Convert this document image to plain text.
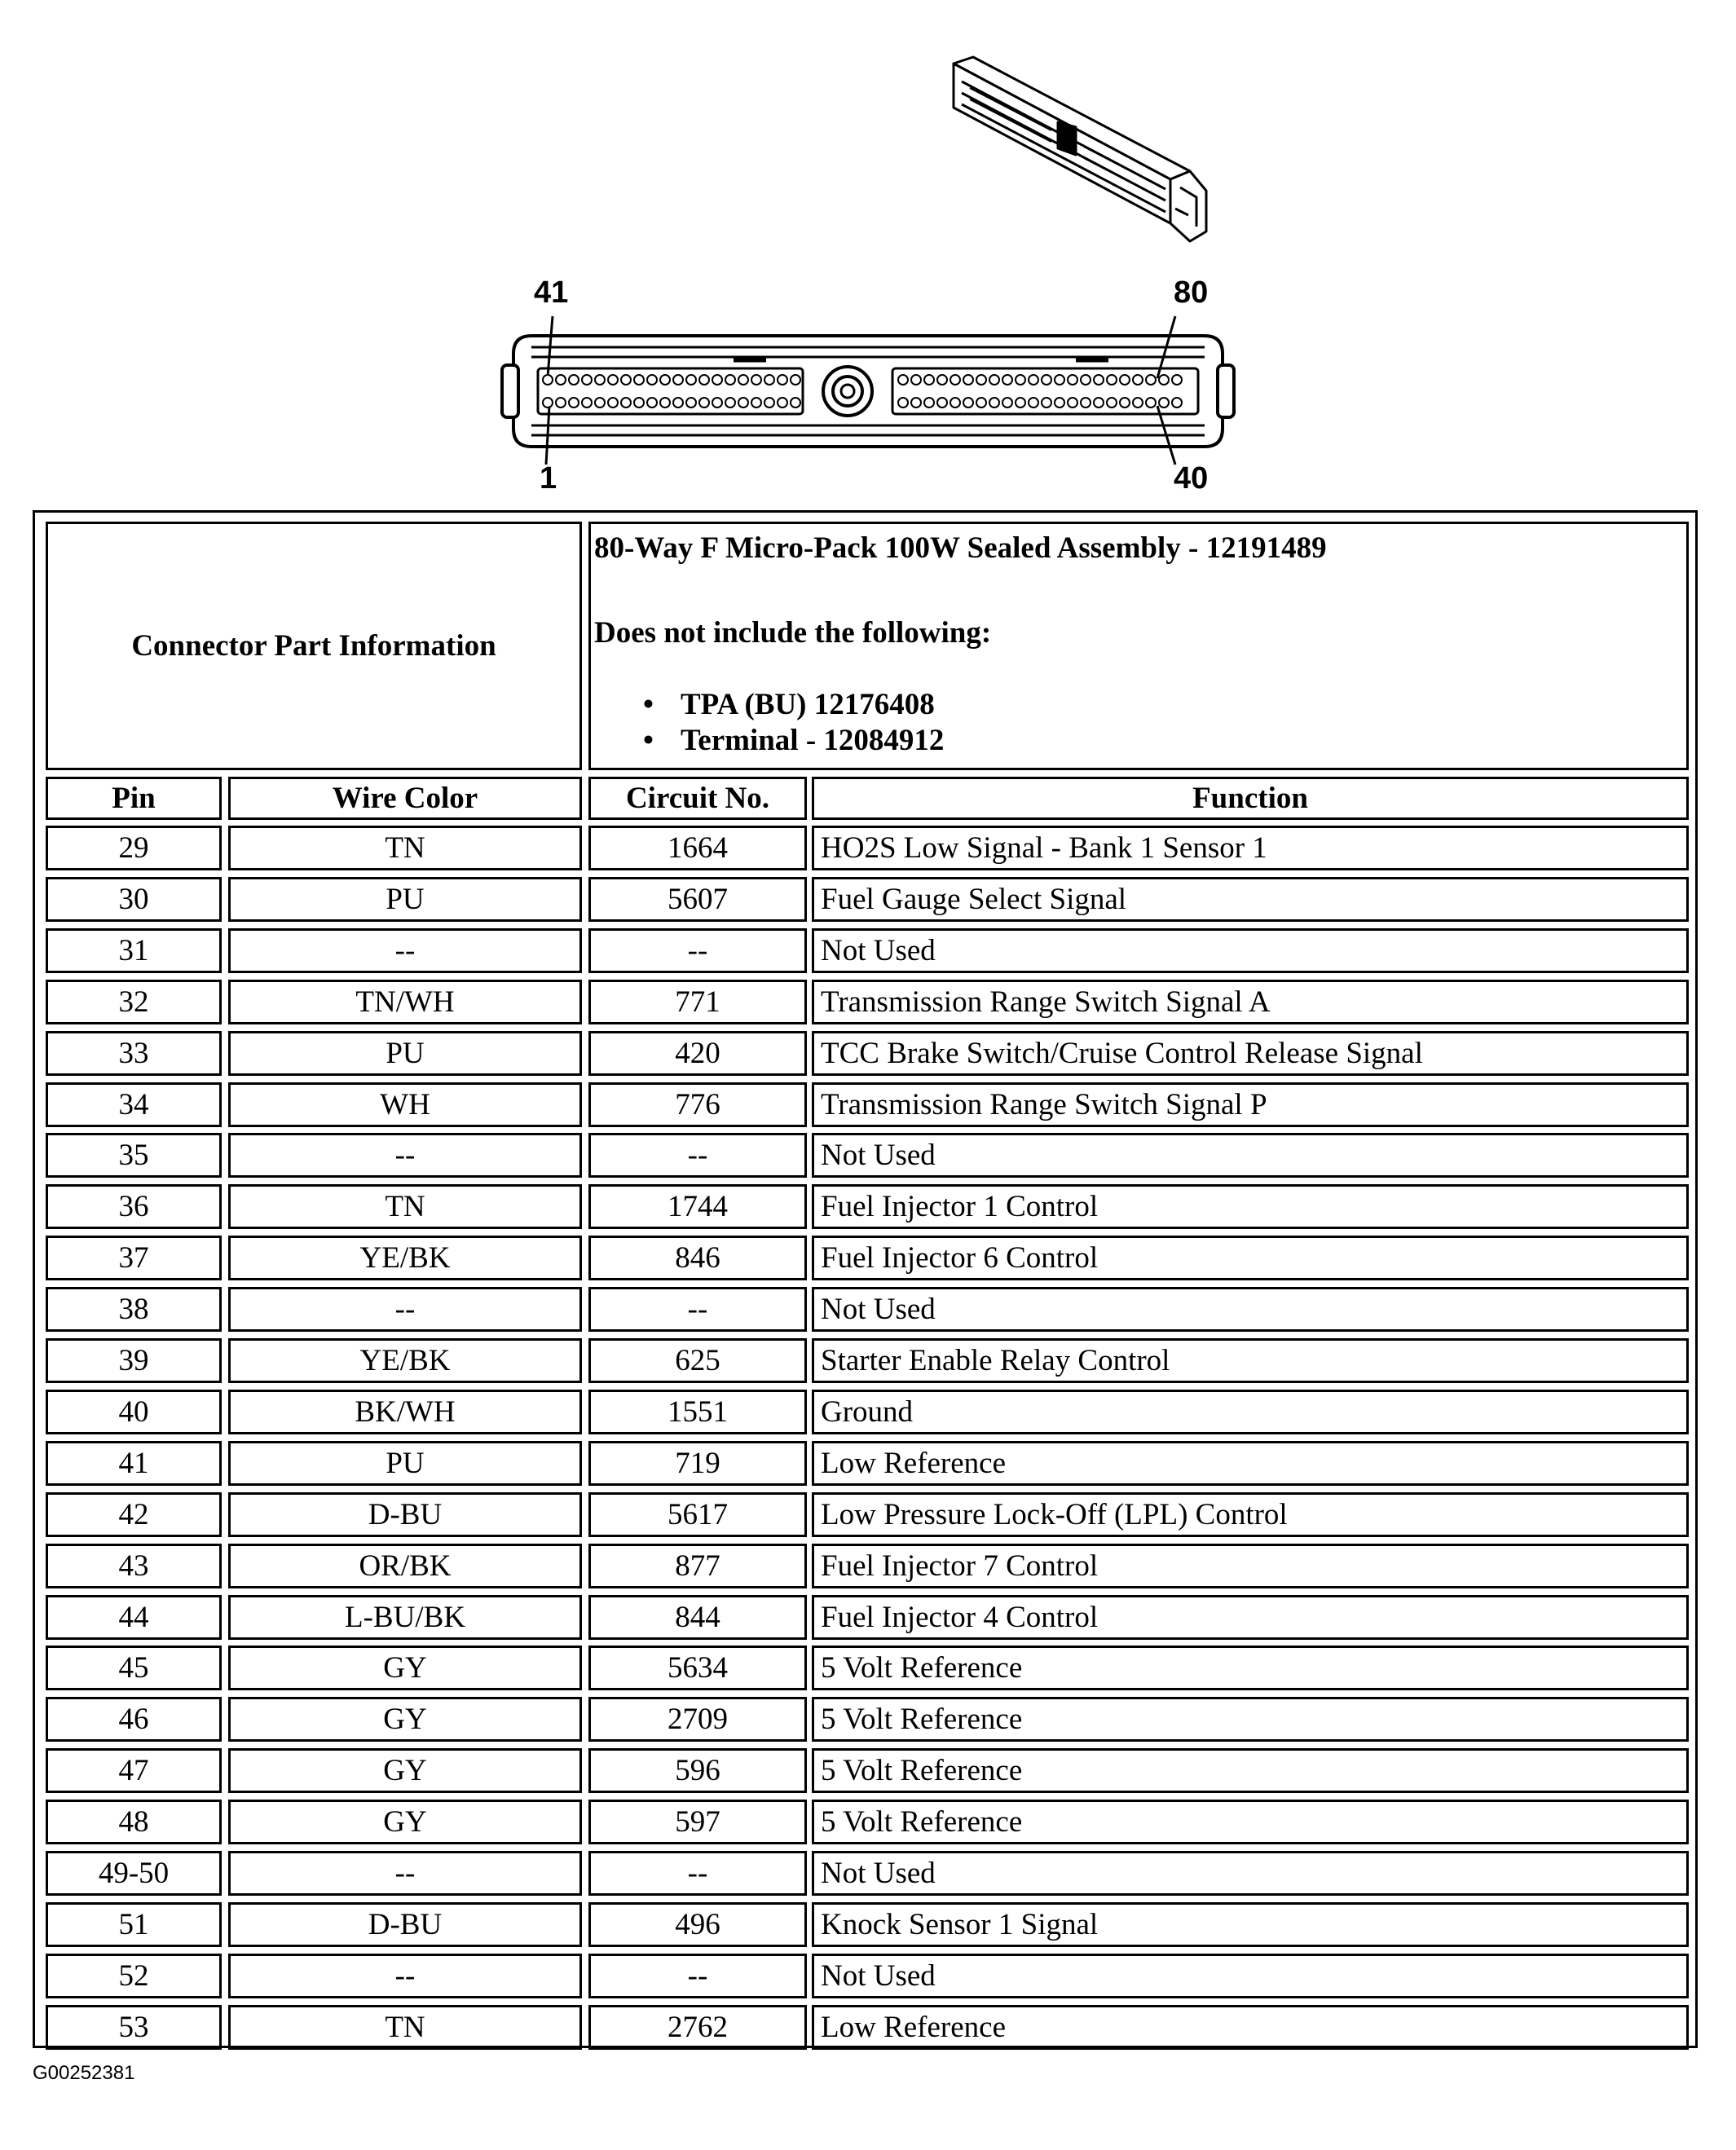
41	80
1	40
Connector Part Information
80-Way F Micro-Pack 100W Sealed Assembly - 12191489
Does not include the following:
• TPA (BU) 12176408
• Terminal - 12084912
Pin	Wire Color	Circuit No.	Function
29	TN	1664	HO2S Low Signal - Bank 1 Sensor 1
30	PU	5607	Fuel Gauge Select Signal
31	--	--	Not Used
32	TN/WH	771	Transmission Range Switch Signal A
33	PU	420	TCC Brake Switch/Cruise Control Release Signal
34	WH	776	Transmission Range Switch Signal P
35	--	--	Not Used
36	TN	1744	Fuel Injector 1 Control
37	YE/BK	846	Fuel Injector 6 Control
38	--	--	Not Used
39	YE/BK	625	Starter Enable Relay Control
40	BK/WH	1551	Ground
41	PU	719	Low Reference
42	D-BU	5617	Low Pressure Lock-Off (LPL) Control
43	OR/BK	877	Fuel Injector 7 Control
44	L-BU/BK	844	Fuel Injector 4 Control
45	GY	5634	5 Volt Reference
46	GY	2709	5 Volt Reference
47	GY	596	5 Volt Reference
48	GY	597	5 Volt Reference
49-50	--	--	Not Used
51	D-BU	496	Knock Sensor 1 Signal
52	--	--	Not Used
53	TN	2762	Low Reference
G00252381
